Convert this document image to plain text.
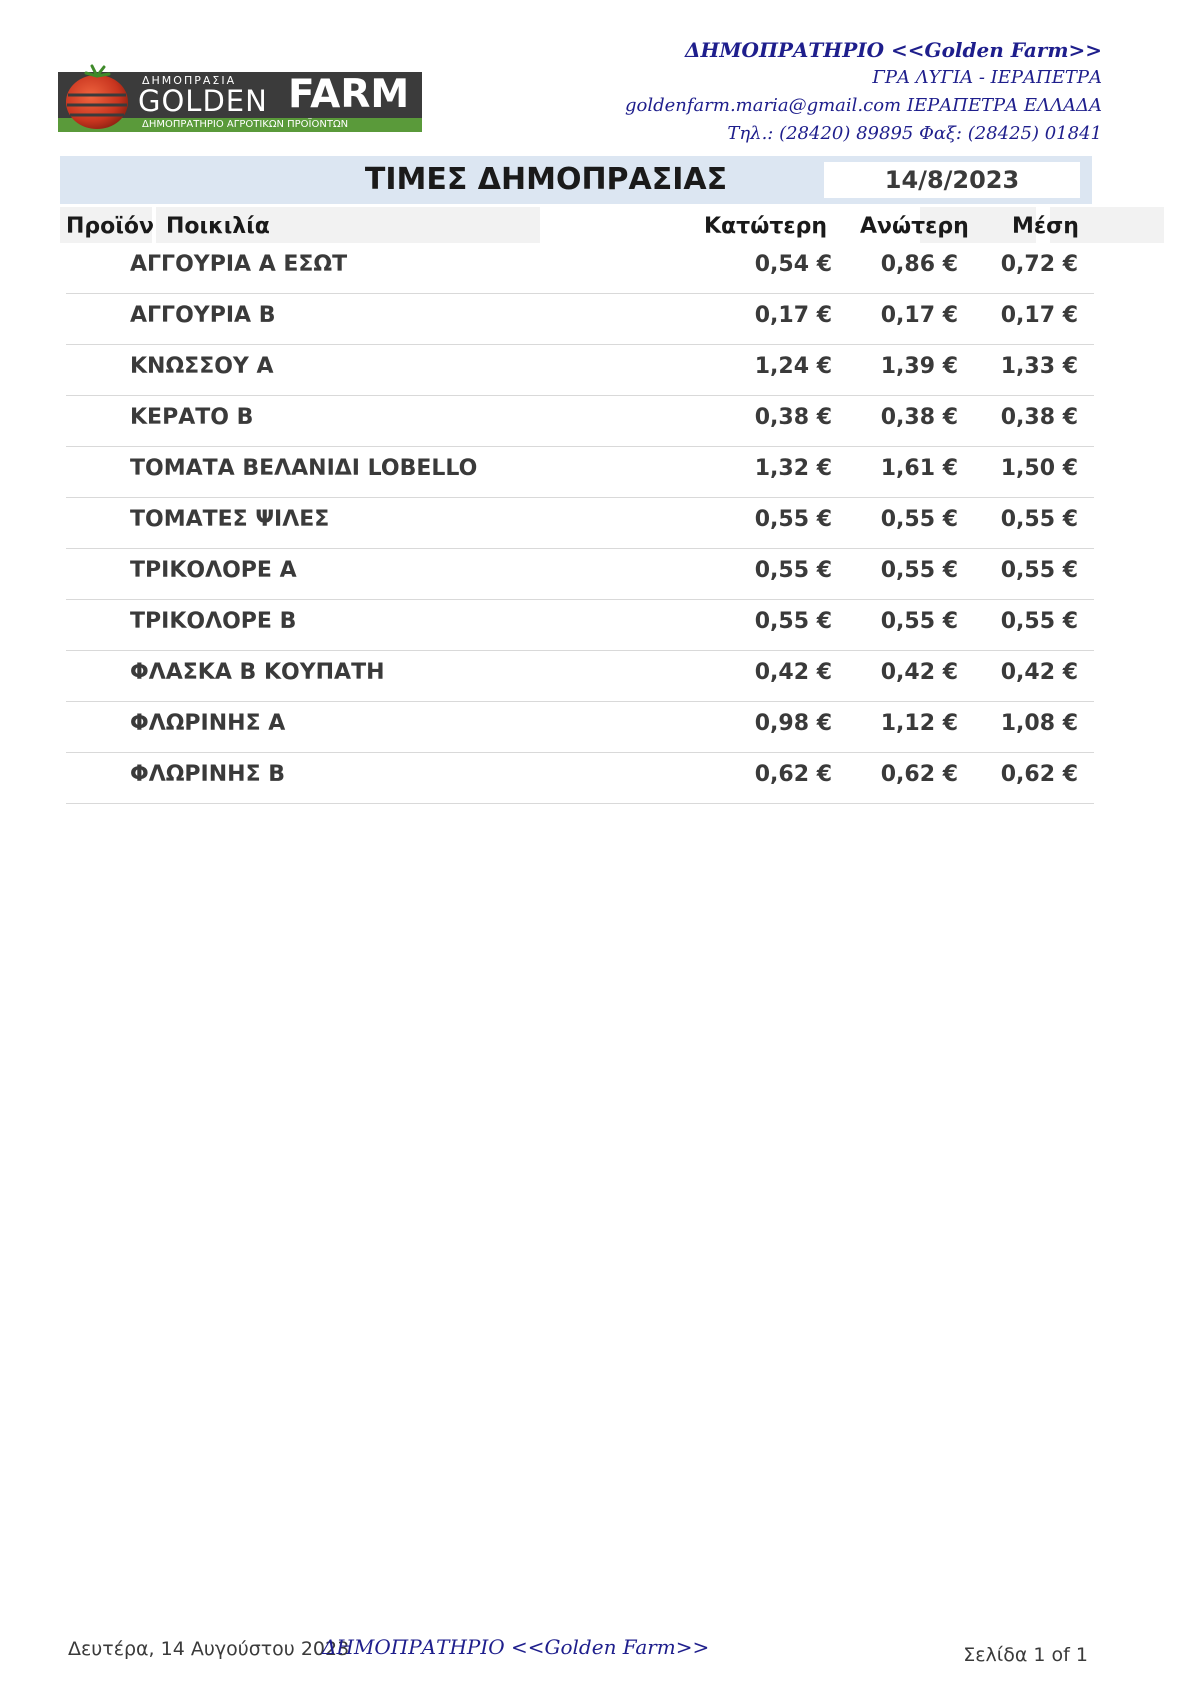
ΔΗΜΟΠΡΑΣΙΑ
GOLDEN FARM
ΔΗΜΟΠΡΑΤΗΡΙΟ ΑΓΡΟΤΙΚΩΝ ΠΡΟΪΟΝΤΩΝ
ΔΗΜΟΠΡΑΤΗΡΙΟ <<Golden Farm>>
ΓΡΑ ΛΥΓΙΑ - ΙΕΡΑΠΕΤΡΑ
goldenfarm.maria@gmail.com ΙΕΡΑΠΕΤΡΑ ΕΛΛΑΔΑ
Τηλ.: (28420) 89895 Φαξ: (28425) 01841
ΤΙΜΕΣ ΔΗΜΟΠΡΑΣΙΑΣ	14/8/2023
Προϊόν Ποικιλία	Κατώτερη Ανώτερη Μέση
ΑΓΓΟΥΡΙΑ Α ΕΣΩΤ	0,54 € 0,86 € 0,72 €
ΑΓΓΟΥΡΙΑ Β	0,17 € 0,17 € 0,17 €
ΚΝΩΣΣΟΥ Α	1,24 € 1,39 € 1,33 €
ΚΕΡΑΤΟ Β	0,38 € 0,38 € 0,38 €
ΤΟΜΑΤΑ ΒΕΛΑΝΙΔΙ LOBELLO	1,32 € 1,61 € 1,50 €
ΤΟΜΑΤΕΣ ΨΙΛΕΣ	0,55 € 0,55 € 0,55 €
ΤΡΙΚΟΛΟΡΕ Α	0,55 € 0,55 € 0,55 €
ΤΡΙΚΟΛΟΡΕ Β	0,55 € 0,55 € 0,55 €
ΦΛΑΣΚΑ Β ΚΟΥΠΑΤΗ	0,42 € 0,42 € 0,42 €
ΦΛΩΡΙΝΗΣ Α	0,98 € 1,12 € 1,08 €
ΦΛΩΡΙΝΗΣ Β	0,62 € 0,62 € 0,62 €
Δευτέρα, 14 Αυγούστου 2023
ΔΗΜΟΠΡΑΤΗΡΙΟ <<Golden Farm>>	Σελίδα 1 of 1
